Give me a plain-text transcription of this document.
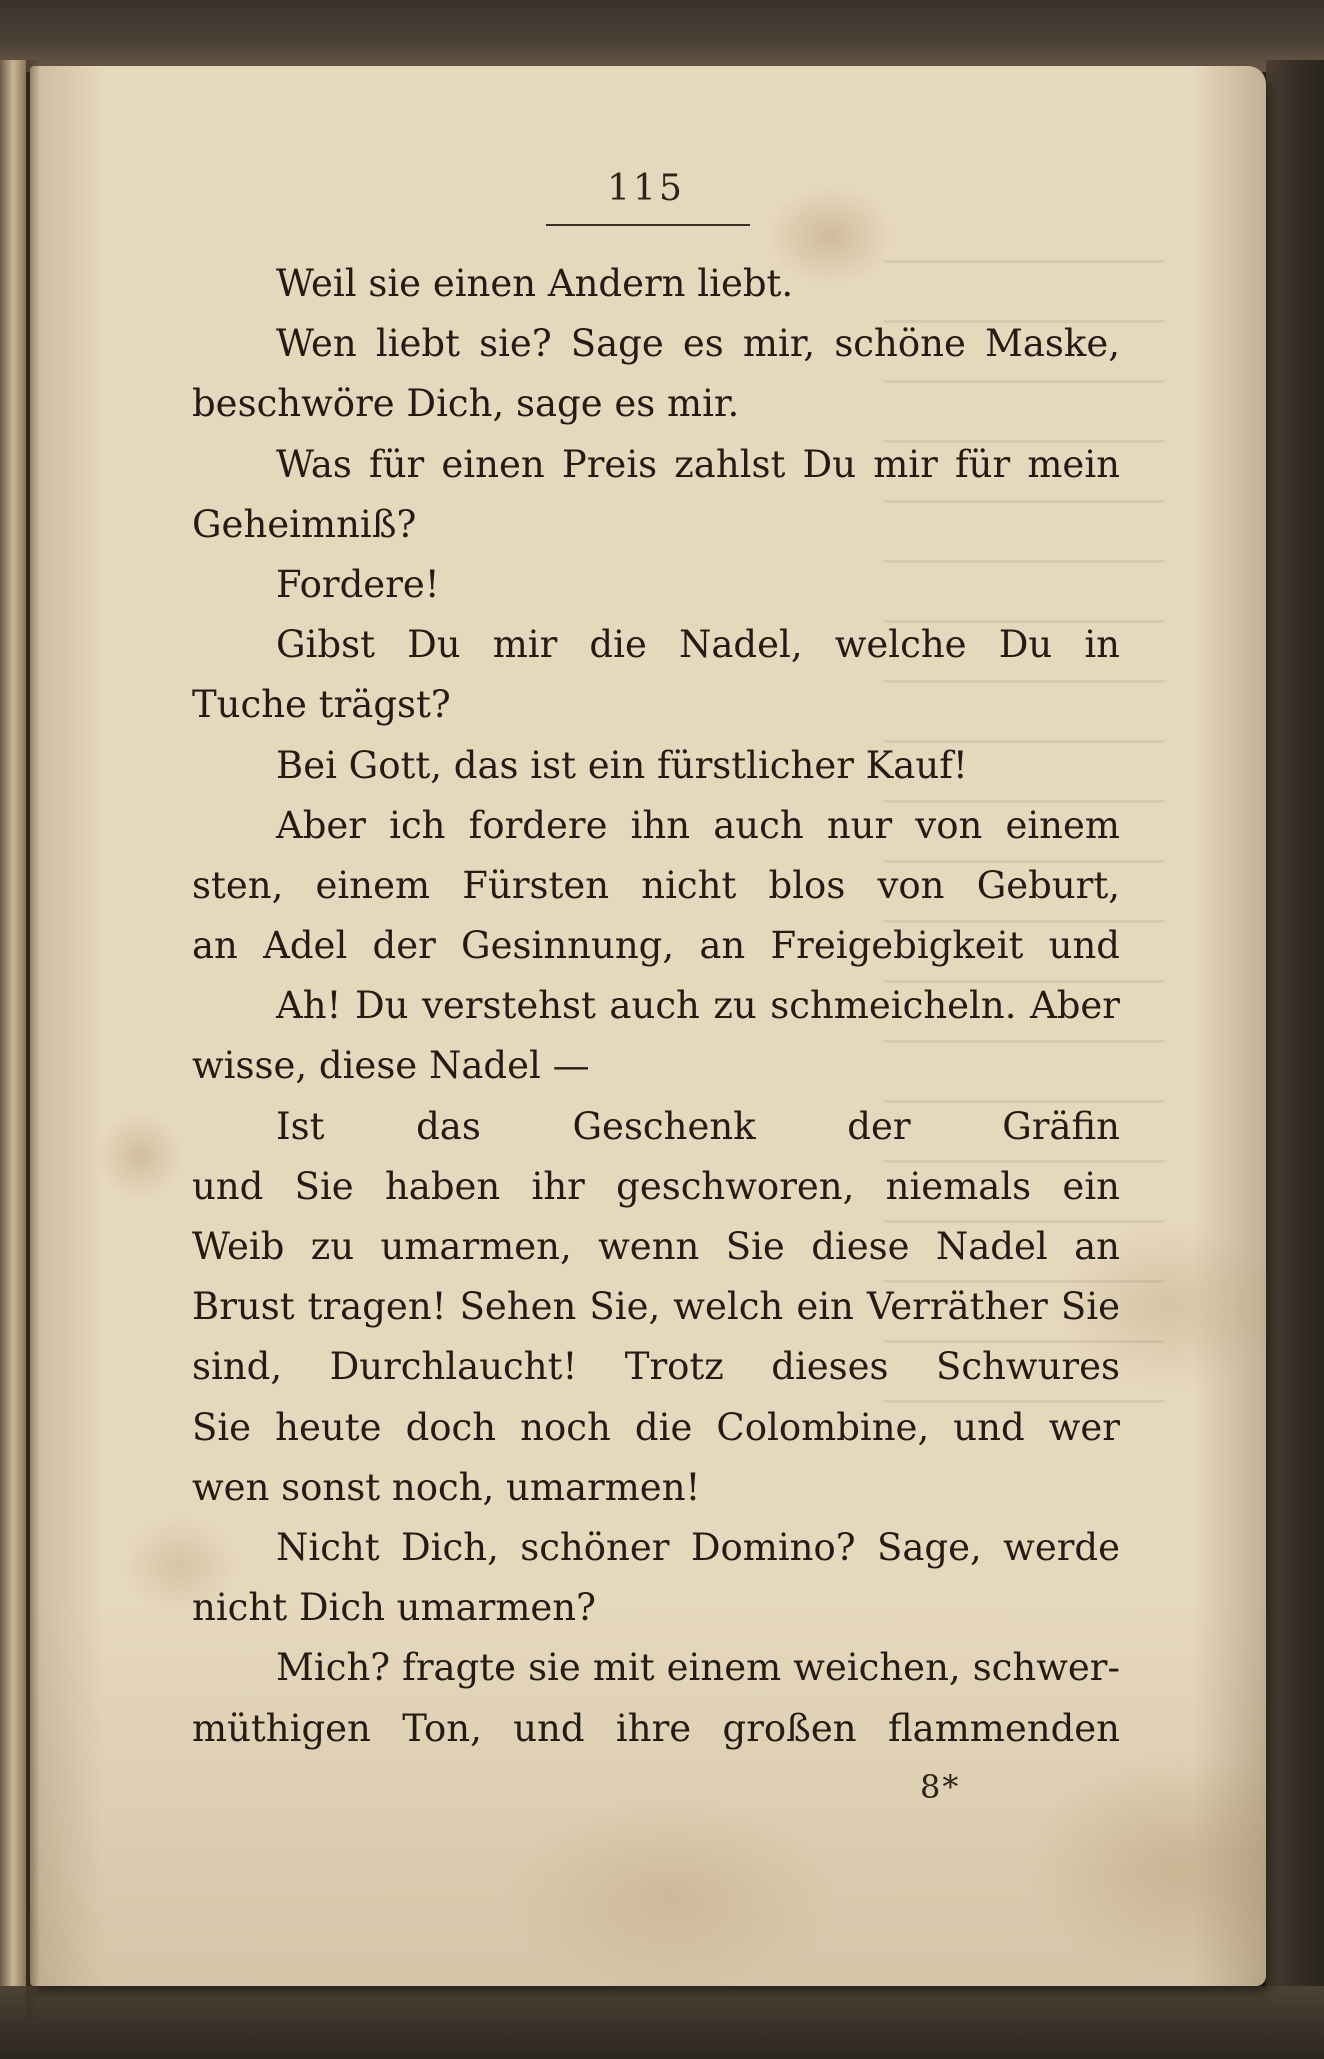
115
Weil sie einen Andern liebt.
Wen liebt sie? Sage es mir, schöne Maske,
beschwöre Dich, sage es mir.
Was für einen Preis zahlst Du mir für mein
Geheimniß?
Fordere!
Gibst Du mir die Nadel, welche Du in
Tuche trägst?
Bei Gott, das ist ein fürstlicher Kauf!
Aber ich fordere ihn auch nur von einem
sten, einem Fürsten nicht blos von Geburt,
an Adel der Gesinnung, an Freigebigkeit und
Ah! Du verstehst auch zu schmeicheln. Aber
wisse, diese Nadel —
Ist das Geschenk der Gräfin
und Sie haben ihr geschworen, niemals ein
Weib zu umarmen, wenn Sie diese Nadel an
Brust tragen! Sehen Sie, welch ein Verräther Sie
sind, Durchlaucht! Trotz dieses Schwures
Sie heute doch noch die Colombine, und wer
wen sonst noch, umarmen!
Nicht Dich, schöner Domino? Sage, werde
nicht Dich umarmen?
Mich? fragte sie mit einem weichen, schwer-
müthigen Ton, und ihre großen flammenden
8*
